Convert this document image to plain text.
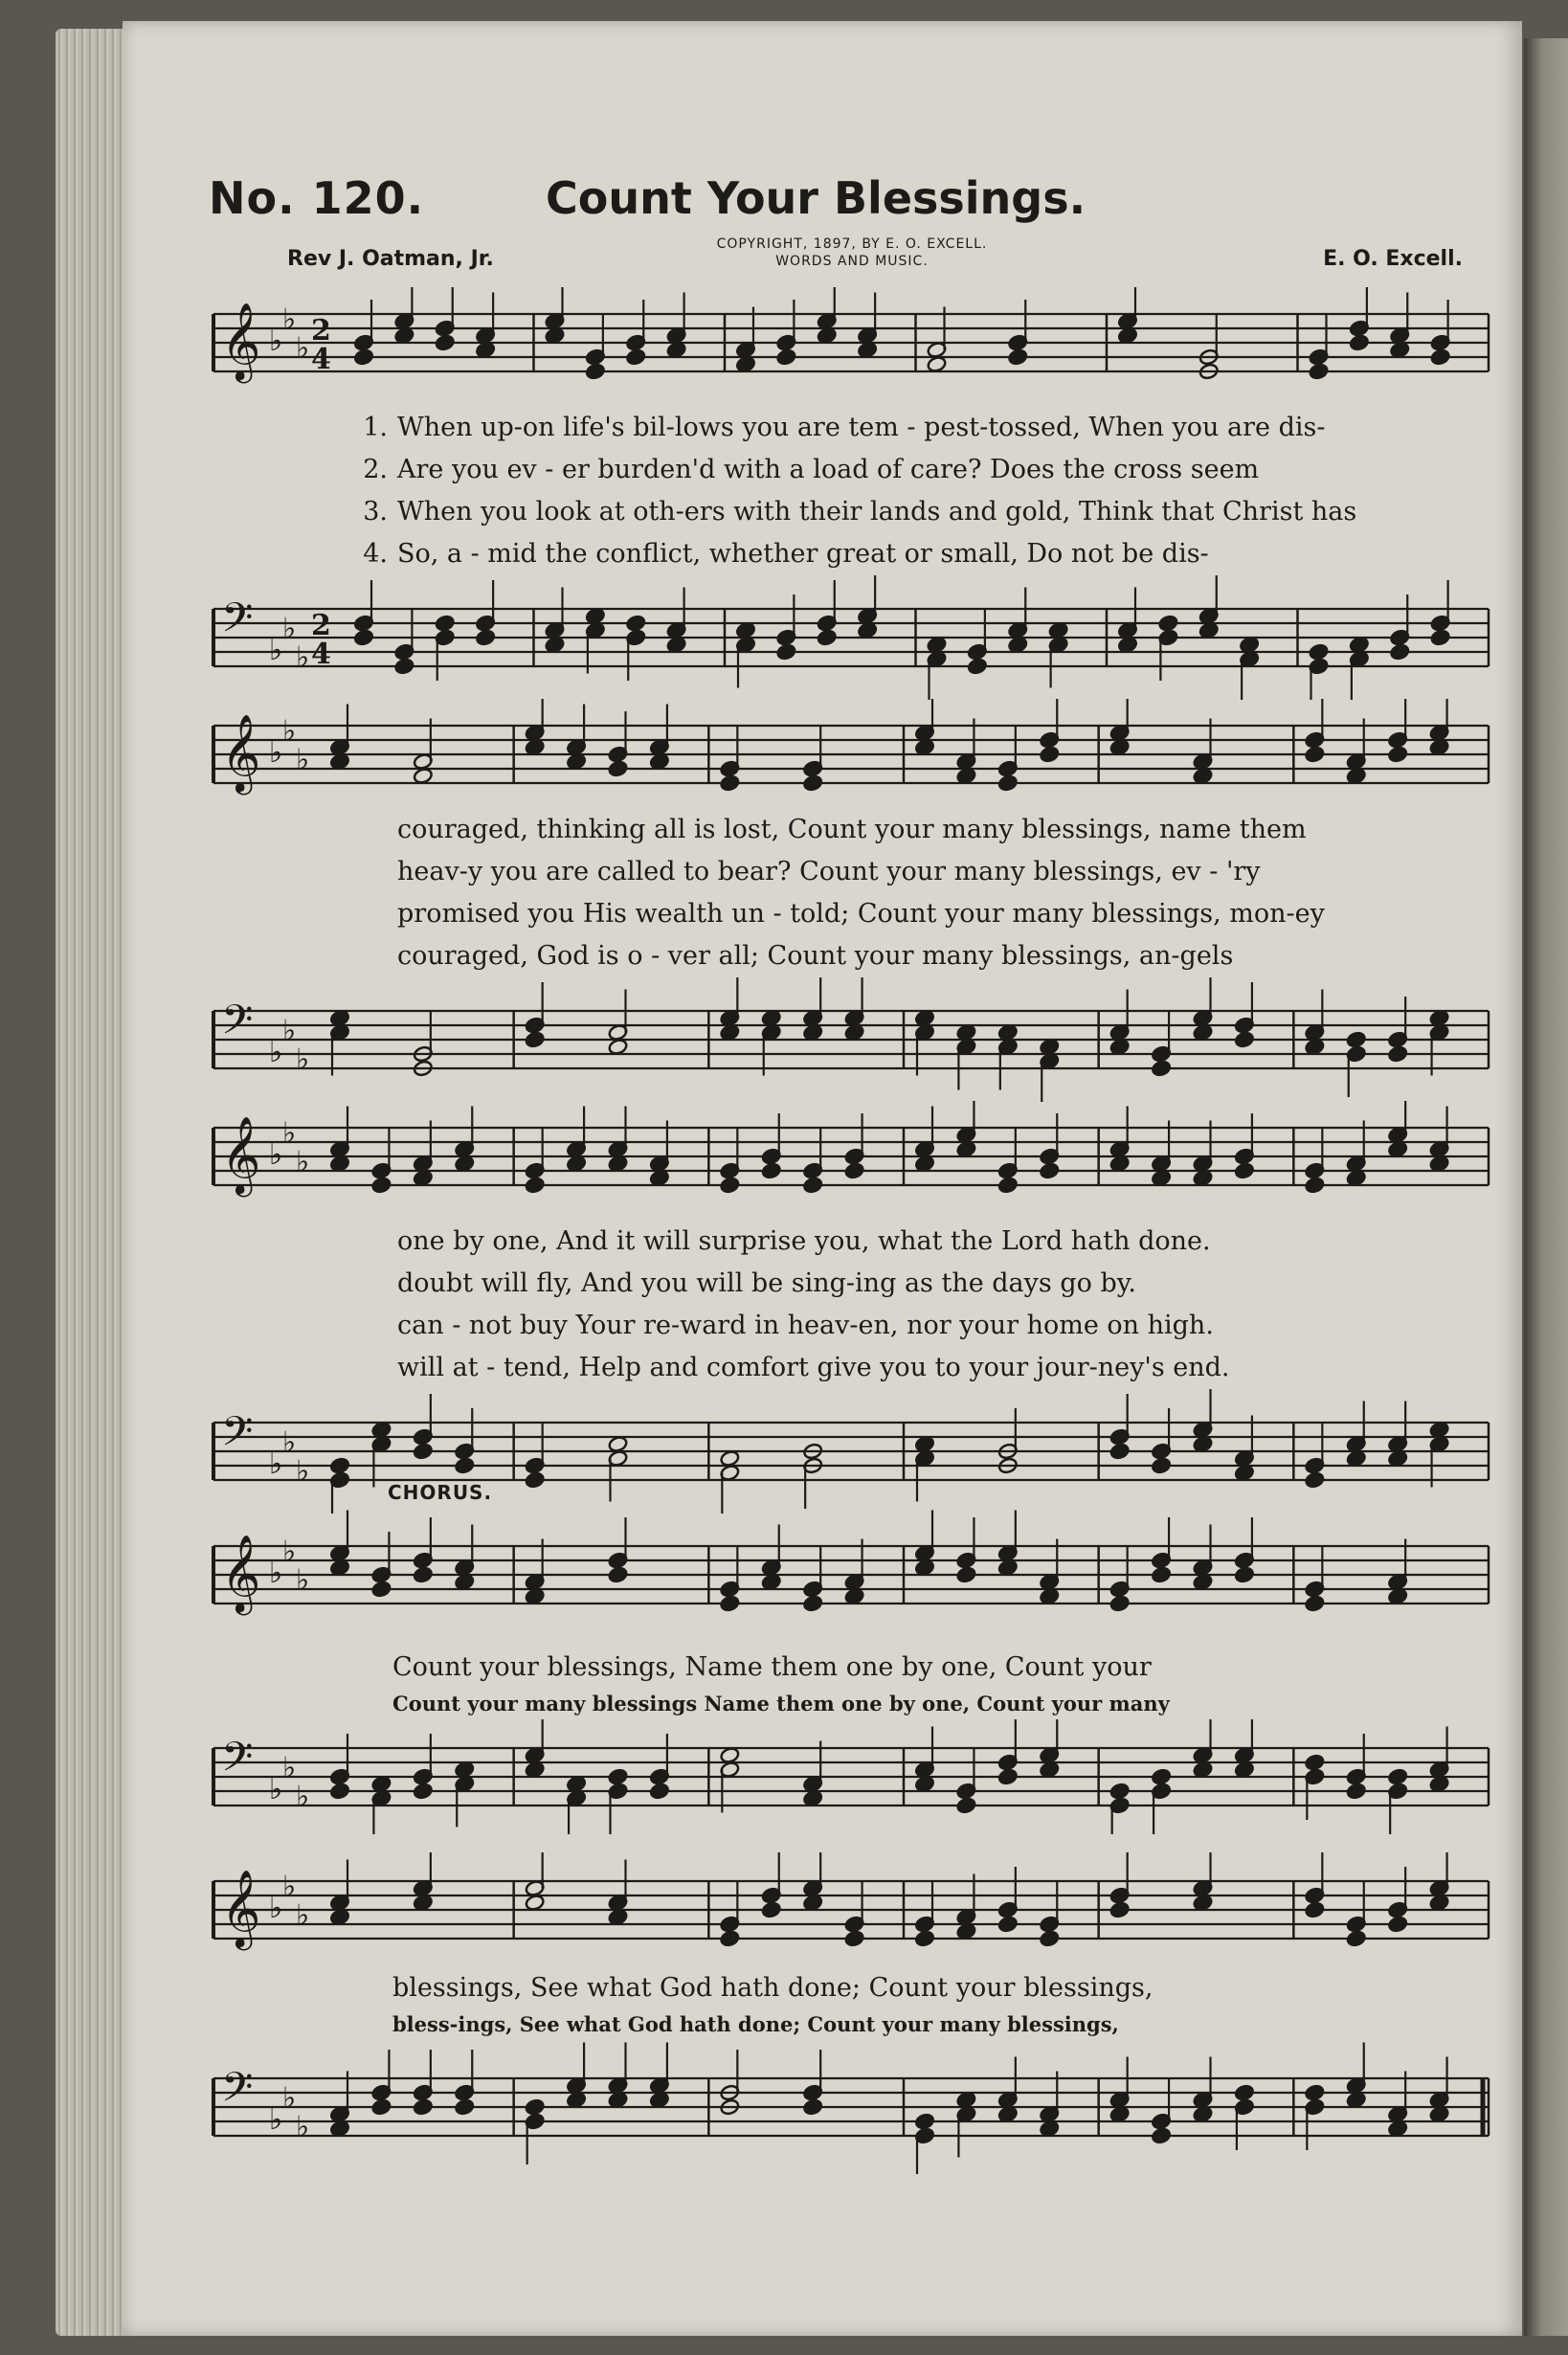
No. 120.	Count Your Blessings.
COPYRIGHT, 1897, BY E. O. EXCELL.
WORDS AND MUSIC.
Rev J. Oatman, Jr.	E. O. Excell.
𝄞 ♭
♭
♭
2
4
1. When up-on life's bil-lows you are tem - pest-tossed, When you are dis-
2. Are you ev - er burden'd with a load of care? Does the cross seem
3. When you look at oth-ers with their lands and gold, Think that Christ has
4. So, a - mid the conflict, whether great or small, Do not be dis-
𝄢 ♭
♭
♭
2
4
𝄞 ♭
♭
♭
couraged, thinking all is lost, Count your many blessings, name them
heav-y you are called to bear? Count your many blessings, ev - 'ry
promised you His wealth un - told; Count your many blessings, mon-ey
couraged, God is o - ver all; Count your many blessings, an-gels
𝄢 ♭
♭
♭
𝄞 ♭
♭
♭
one by one, And it will surprise you, what the Lord hath done.
doubt will fly, And you will be sing-ing as the days go by.
can - not buy Your re-ward in heav-en, nor your home on high.
will at - tend, Help and comfort give you to your jour-ney's end.
𝄢 ♭
♭
♭
CHORUS.
𝄞 ♭
♭
♭
Count your blessings, Name them one by one, Count your
Count your many blessings Name them one by one, Count your many
𝄢 ♭
♭
♭
𝄞 ♭
♭
♭
blessings, See what God hath done; Count your blessings,
bless-ings, See what God hath done; Count your many blessings,
𝄢 ♭
♭
♭
